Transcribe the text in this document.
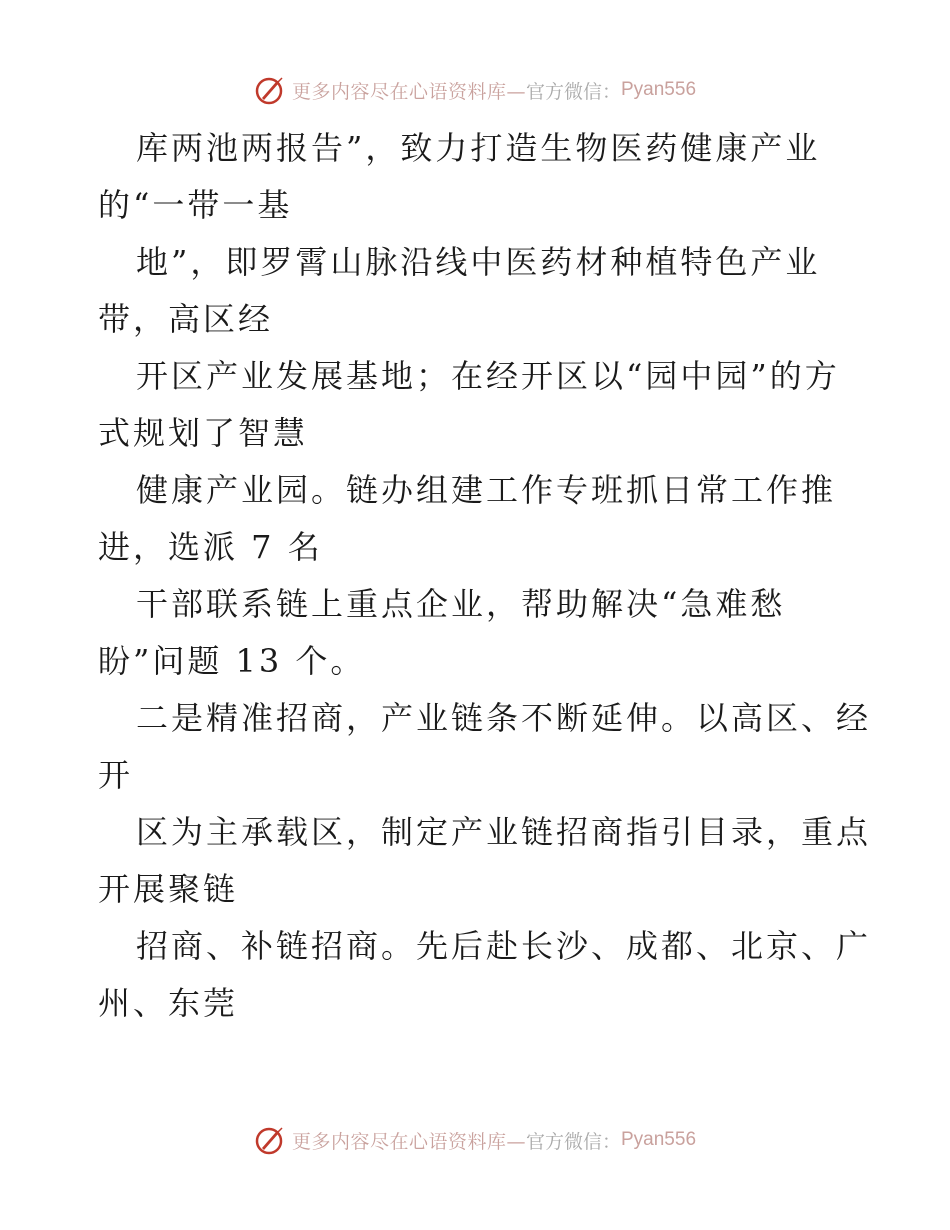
更多内容尽在心语资料库— 官方微信： Pyan556
库两池两报告”，致力打造生物医药健康产业
的“一带一基
地”，即罗霄山脉沿线中医药材种植特色产业
带，高区经
开区产业发展基地；在经开区以“园中园”的方
式规划了智慧
健康产业园。链办组建工作专班抓日常工作推
进，选派 7 名
干部联系链上重点企业，帮助解决“急难愁
盼”问题 13 个。
二是精准招商，产业链条不断延伸。以高区、经
开
区为主承载区，制定产业链招商指引目录，重点
开展聚链
招商、补链招商。先后赴长沙、成都、北京、广
州、东莞
更多内容尽在心语资料库— 官方微信： Pyan556
